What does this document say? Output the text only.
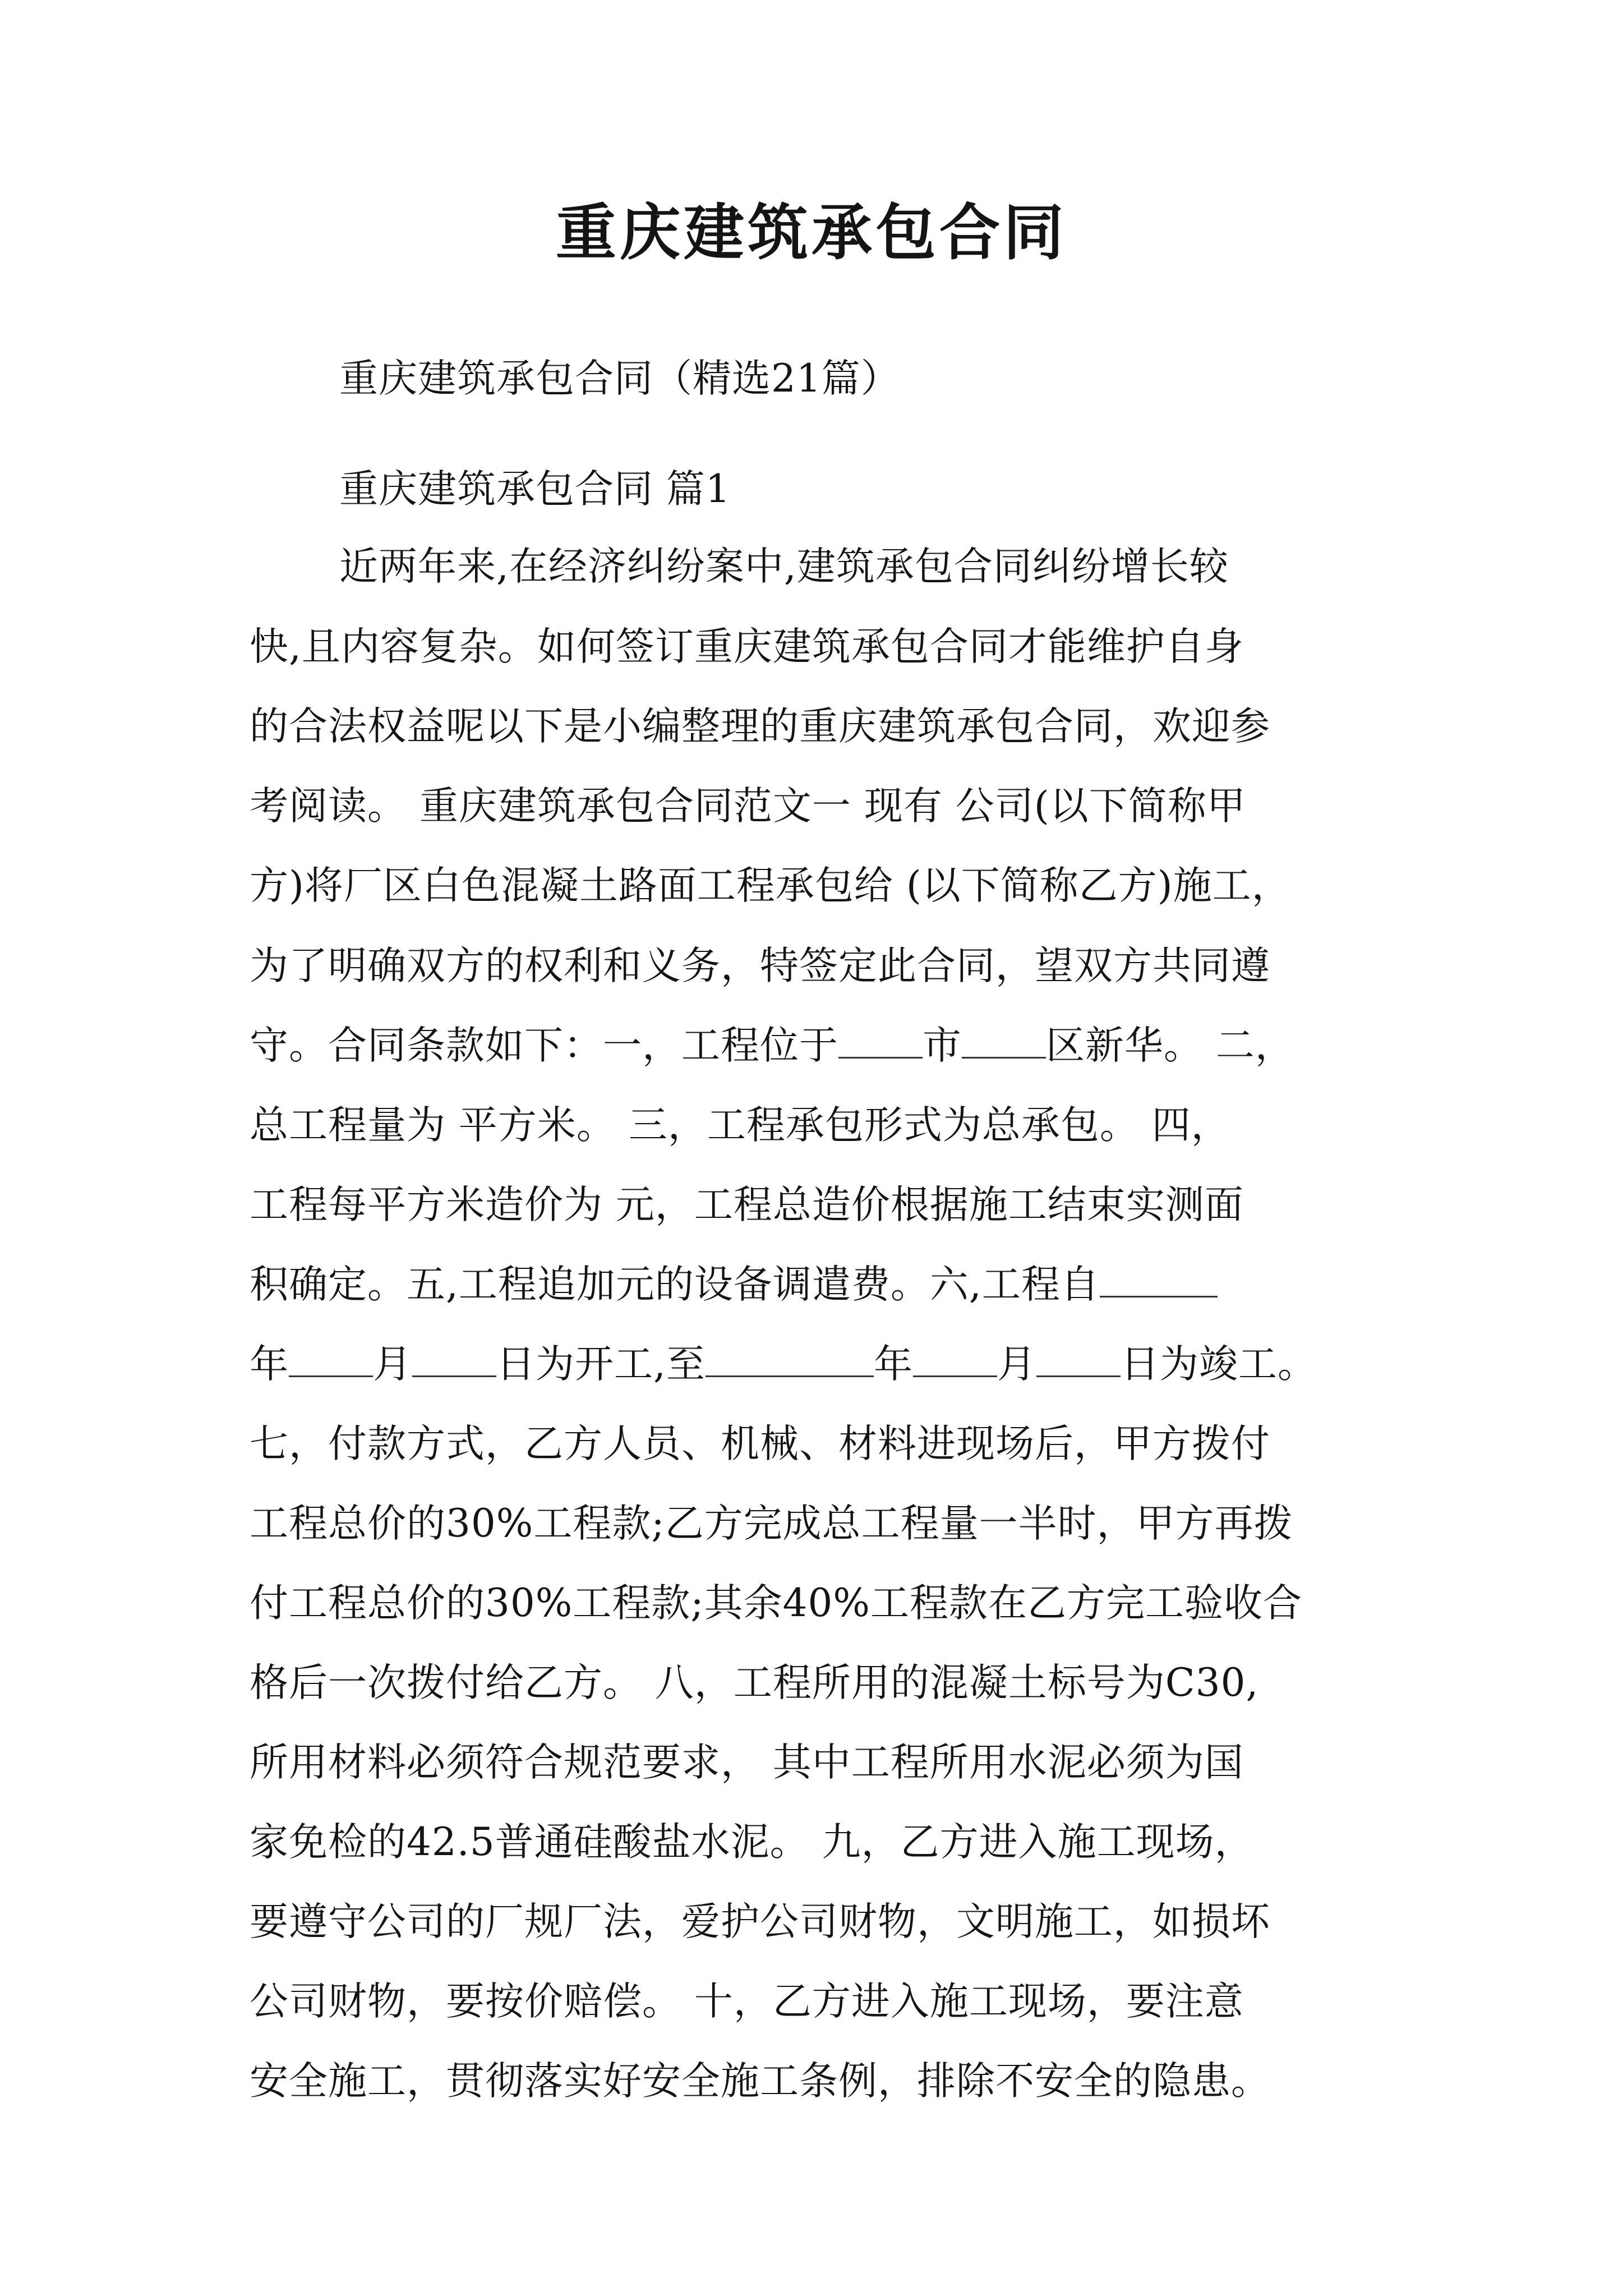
重庆建筑承包合同
重庆建筑承包合同（精选21篇）
重庆建筑承包合同 篇1
近两年来,在经济纠纷案中,建筑承包合同纠纷增长较
快,且内容复杂。如何签订重庆建筑承包合同才能维护自身
的合法权益呢以下是小编整理的重庆建筑承包合同，欢迎参
考阅读。 重庆建筑承包合同范文一 现有 公司(以下简称甲
方)将厂区白色混凝土路面工程承包给 (以下简称乙方)施工，
为了明确双方的权利和义务，特签定此合同，望双方共同遵
守。合同条款如下：一，工程位于 市 区新华。 二，
总工程量为 平方米。 三，工程承包形式为总承包。 四，
工程每平方米造价为 元，工程总造价根据施工结束实测面
积确定。五,工程追加元的设备调遣费。六,工程自
年 月 日为开工,至	年 月 日为竣工。
七，付款方式，乙方人员、机械、材料进现场后，甲方拨付
工程总价的30%工程款;乙方完成总工程量一半时，甲方再拨
付工程总价的30%工程款;其余40%工程款在乙方完工验收合
格后一次拨付给乙方。 八，工程所用的混凝土标号为C30,
所用材料必须符合规范要求， 其中工程所用水泥必须为国
家免检的42.5普通硅酸盐水泥。 九，乙方进入施工现场，
要遵守公司的厂规厂法，爱护公司财物，文明施工，如损坏
公司财物，要按价赔偿。 十，乙方进入施工现场，要注意
安全施工，贯彻落实好安全施工条例，排除不安全的隐患。
